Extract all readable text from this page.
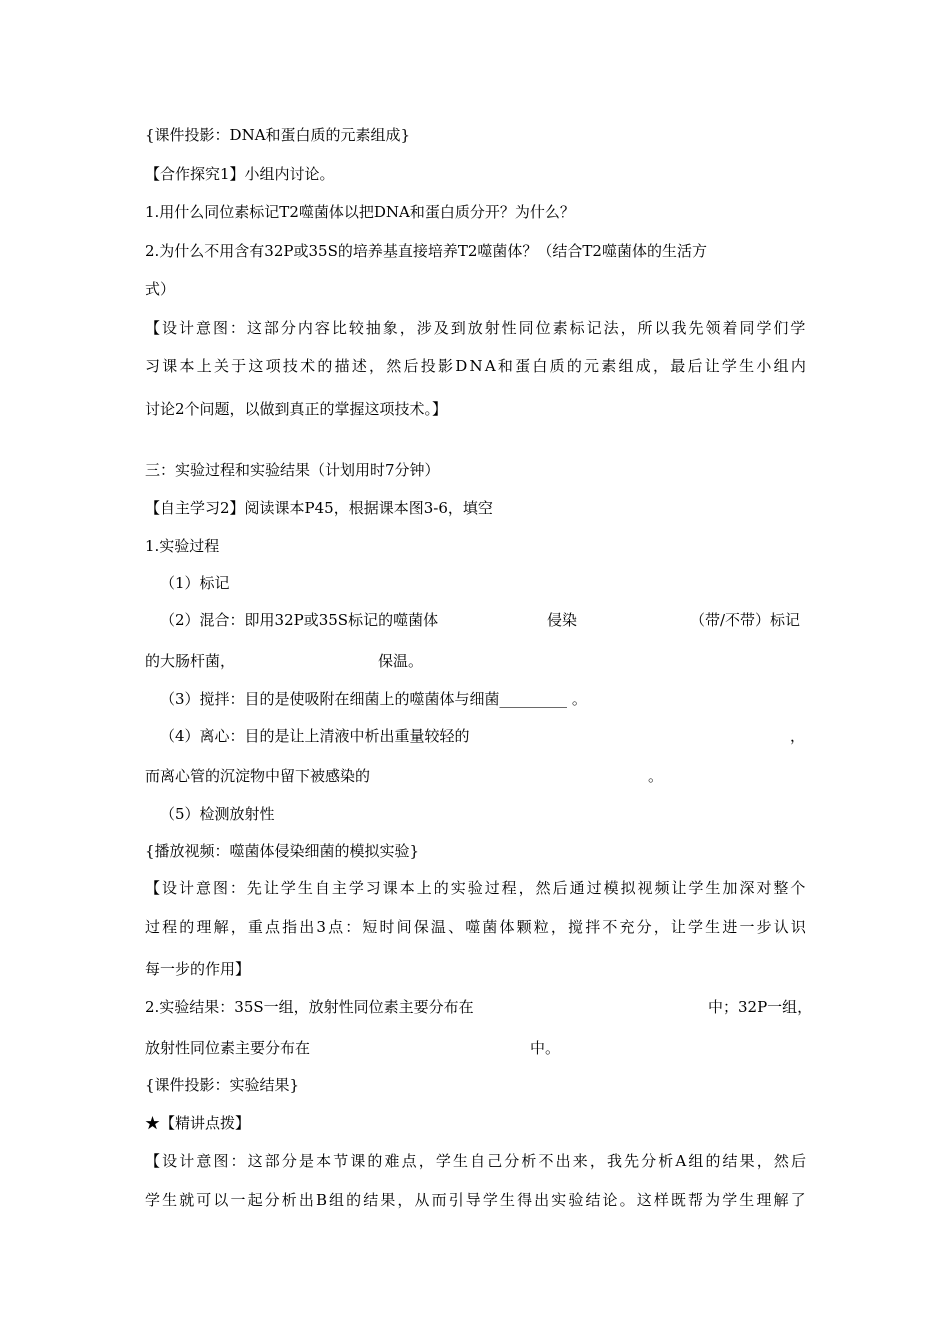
{课件投影：DNA和蛋白质的元素组成}
【合作探究1】小组内讨论。
1.用什么同位素标记T2噬菌体以把DNA和蛋白质分开？为什么？
2.为什么不用含有32P或35S的培养基直接培养T2噬菌体？（结合T2噬菌体的生活方
式）
【 设 计 意 图 ： 这 部 分 内 容 比 较 抽 象 ， 涉 及 到 放 射 性 同 位 素 标 记 法 ， 所 以 我 先 领 着 同 学 们 学
习 课 本 上 关 于 这 项 技 术 的 描 述 ， 然 后 投 影 D N A 和 蛋 白 质 的 元 素 组 成 ， 最 后 让 学 生 小 组 内
讨论2个问题，以做到真正的掌握这项技术。】
三：实验过程和实验结果（计划用时7分钟）
【自主学习2】阅读课本P45，根据课本图3-6，填空
1.实验过程
（1）标记
（2）混合：即用32P或35S标记的噬菌体	侵染	（带/不带）标记
的大肠杆菌，	保温。
（3）搅拌：目的是使吸附在细菌上的噬菌体与细菌_________ 。
（4）离心：目的是让上清液中析出重量较轻的	，
而离心管的沉淀物中留下被感染的	。
（5）检测放射性
{播放视频：噬菌体侵染细菌的模拟实验}
【 设 计 意 图 ： 先 让 学 生 自 主 学 习 课 本 上 的 实 验 过 程 ， 然 后 通 过 模 拟 视 频 让 学 生 加 深 对 整 个
过 程 的 理 解 ， 重 点 指 出 3 点 ： 短 时 间 保 温 、 噬 菌 体 颗 粒 ， 搅 拌 不 充 分 ， 让 学 生 进 一 步 认 识
每一步的作用】
2.实验结果：35S一组，放射性同位素主要分布在	中；32P一组，
放射性同位素主要分布在	中。
{课件投影：实验结果}
★【精讲点拨】
【 设 计 意 图 ： 这 部 分 是 本 节 课 的 难 点 ， 学 生 自 己 分 析 不 出 来 ， 我 先 分 析 A 组 的 结 果 ， 然 后
学 生 就 可 以 一 起 分 析 出 B 组 的 结 果 ， 从 而 引 导 学 生 得 出 实 验 结 论 。 这 样 既 帮 为 学 生 理 解 了
